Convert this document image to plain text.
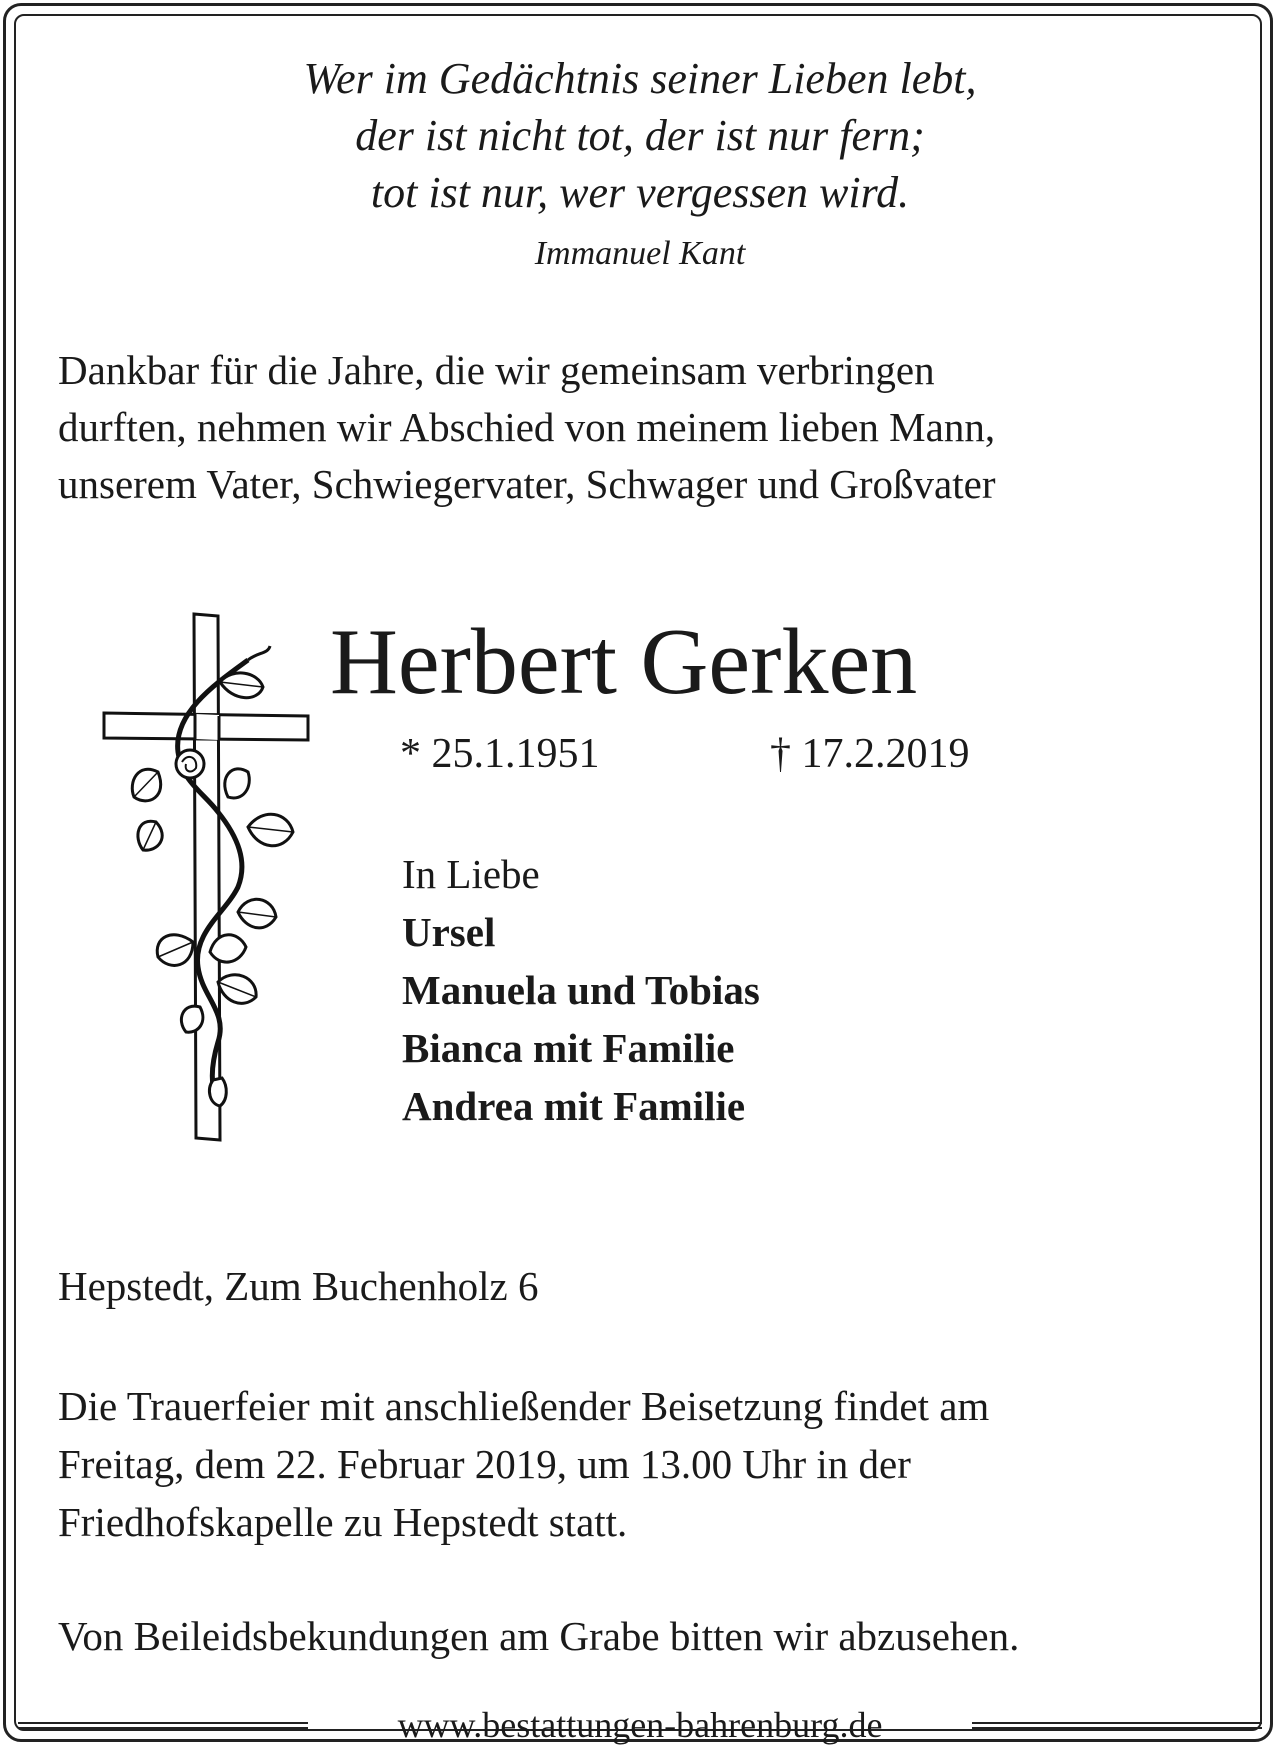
Wer im Gedächtnis seiner Lieben lebt,
der ist nicht tot, der ist nur fern;
tot ist nur, wer vergessen wird.
Immanuel Kant
Dankbar für die Jahre, die wir gemeinsam verbringen
durften, nehmen wir Abschied von meinem lieben Mann,
unserem Vater, Schwiegervater, Schwager und Großvater
Herbert Gerken
* 25.1.1951	† 17.2.2019
In Liebe
Ursel
Manuela und Tobias
Bianca mit Familie
Andrea mit Familie
Hepstedt, Zum Buchenholz 6
Die Trauerfeier mit anschließender Beisetzung findet am
Freitag, dem 22. Februar 2019, um 13.00 Uhr in der
Friedhofskapelle zu Hepstedt statt.
Von Beileidsbekundungen am Grabe bitten wir abzusehen.
www.bestattungen-bahrenburg.de
